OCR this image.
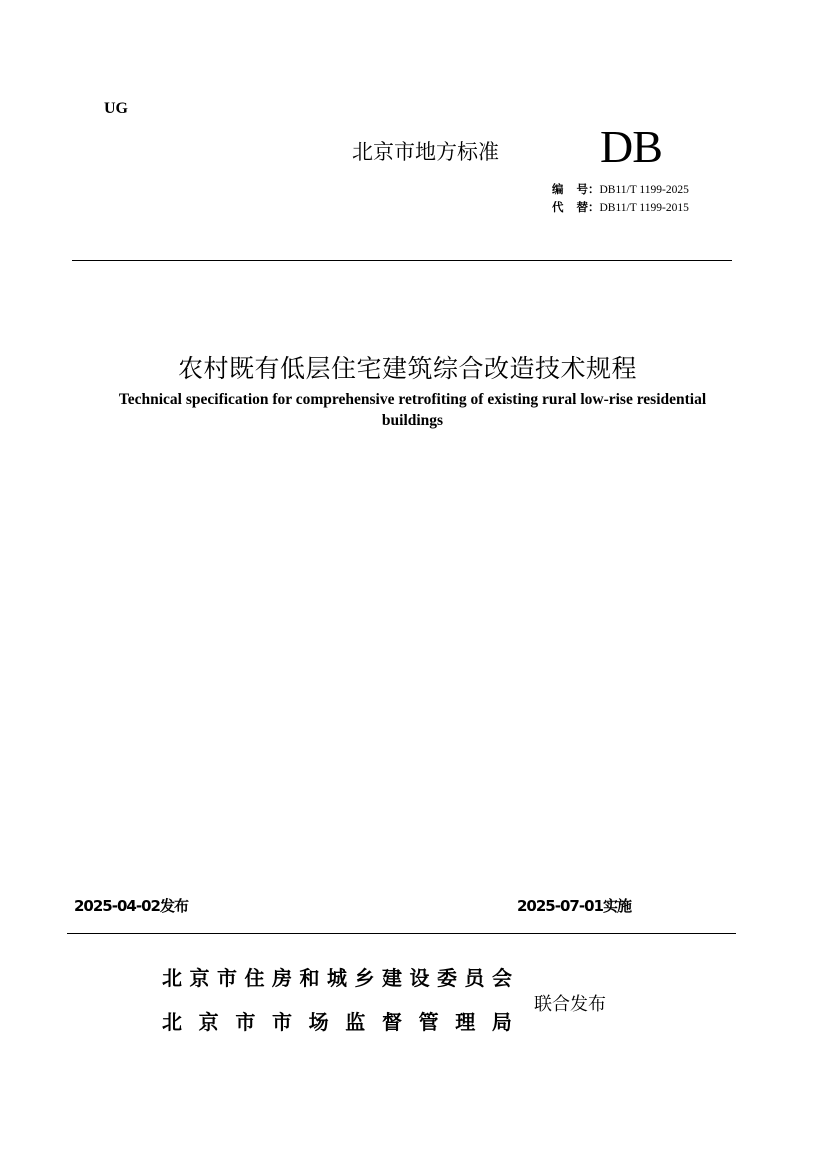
UG
北京市地方标准 DB
编号：DB11/T 1199-2025
代替：DB11/T 1199-2015
农村既有低层住宅建筑综合改造技术规程
Technical specification for comprehensive retrofiting of existing rural low-rise residential buildings
2025-04-02发布	2025-07-01实施
北 京 市 住 房 和 城 乡 建 设 委 员 会
北 京 市 市 场 监 督 管 理 局
联合发布
